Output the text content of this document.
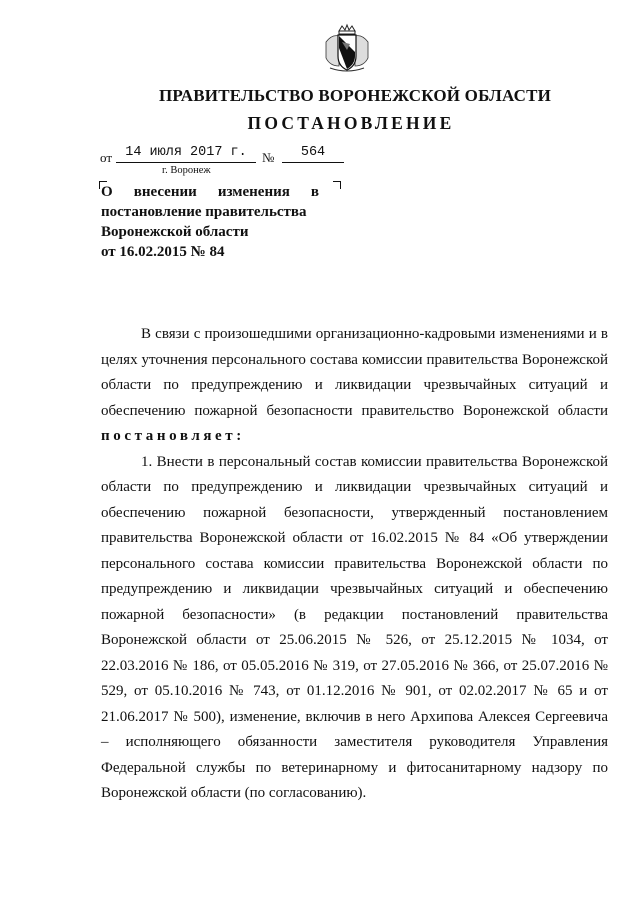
ПРАВИТЕЛЬСТВО ВОРОНЕЖСКОЙ ОБЛАСТИ
ПОСТАНОВЛЕНИЕ
от 14 июля 2017 г.	№	564
г. Воронеж
О внесении изменения в
постановление правительства
Воронежской области
от 16.02.2015 № 84

В связи с произошедшими организационно-кадровыми изменениями и в целях уточнения персонального состава комиссии правительства Воронежской области по предупреждению и ликвидации чрезвычайных ситуаций и обеспечению пожарной безопасности правительство Воронежской области постановляет:

1. Внести в персональный состав комиссии правительства Воронежской области по предупреждению и ликвидации чрезвычайных ситуаций и обеспечению пожарной безопасности, утвержденный постановлением правительства Воронежской области от 16.02.2015 № 84 «Об утверждении персонального состава комиссии правительства Воронежской области по предупреждению и ликвидации чрезвычайных ситуаций и обеспечению пожарной безопасности» (в редакции постановлений правительства Воронежской области от 25.06.2015 № 526, от 25.12.2015 № 1034, от 22.03.2016 № 186, от 05.05.2016 № 319, от 27.05.2016 № 366, от 25.07.2016 № 529, от 05.10.2016 № 743, от 01.12.2016 № 901, от 02.02.2017 № 65 и от 21.06.2017 № 500), изменение, включив в него Архипова Алексея Сергеевича – исполняющего обязанности заместителя руководителя Управления Федеральной службы по ветеринарному и фитосанитарному надзору по Воронежской области (по согласованию).
